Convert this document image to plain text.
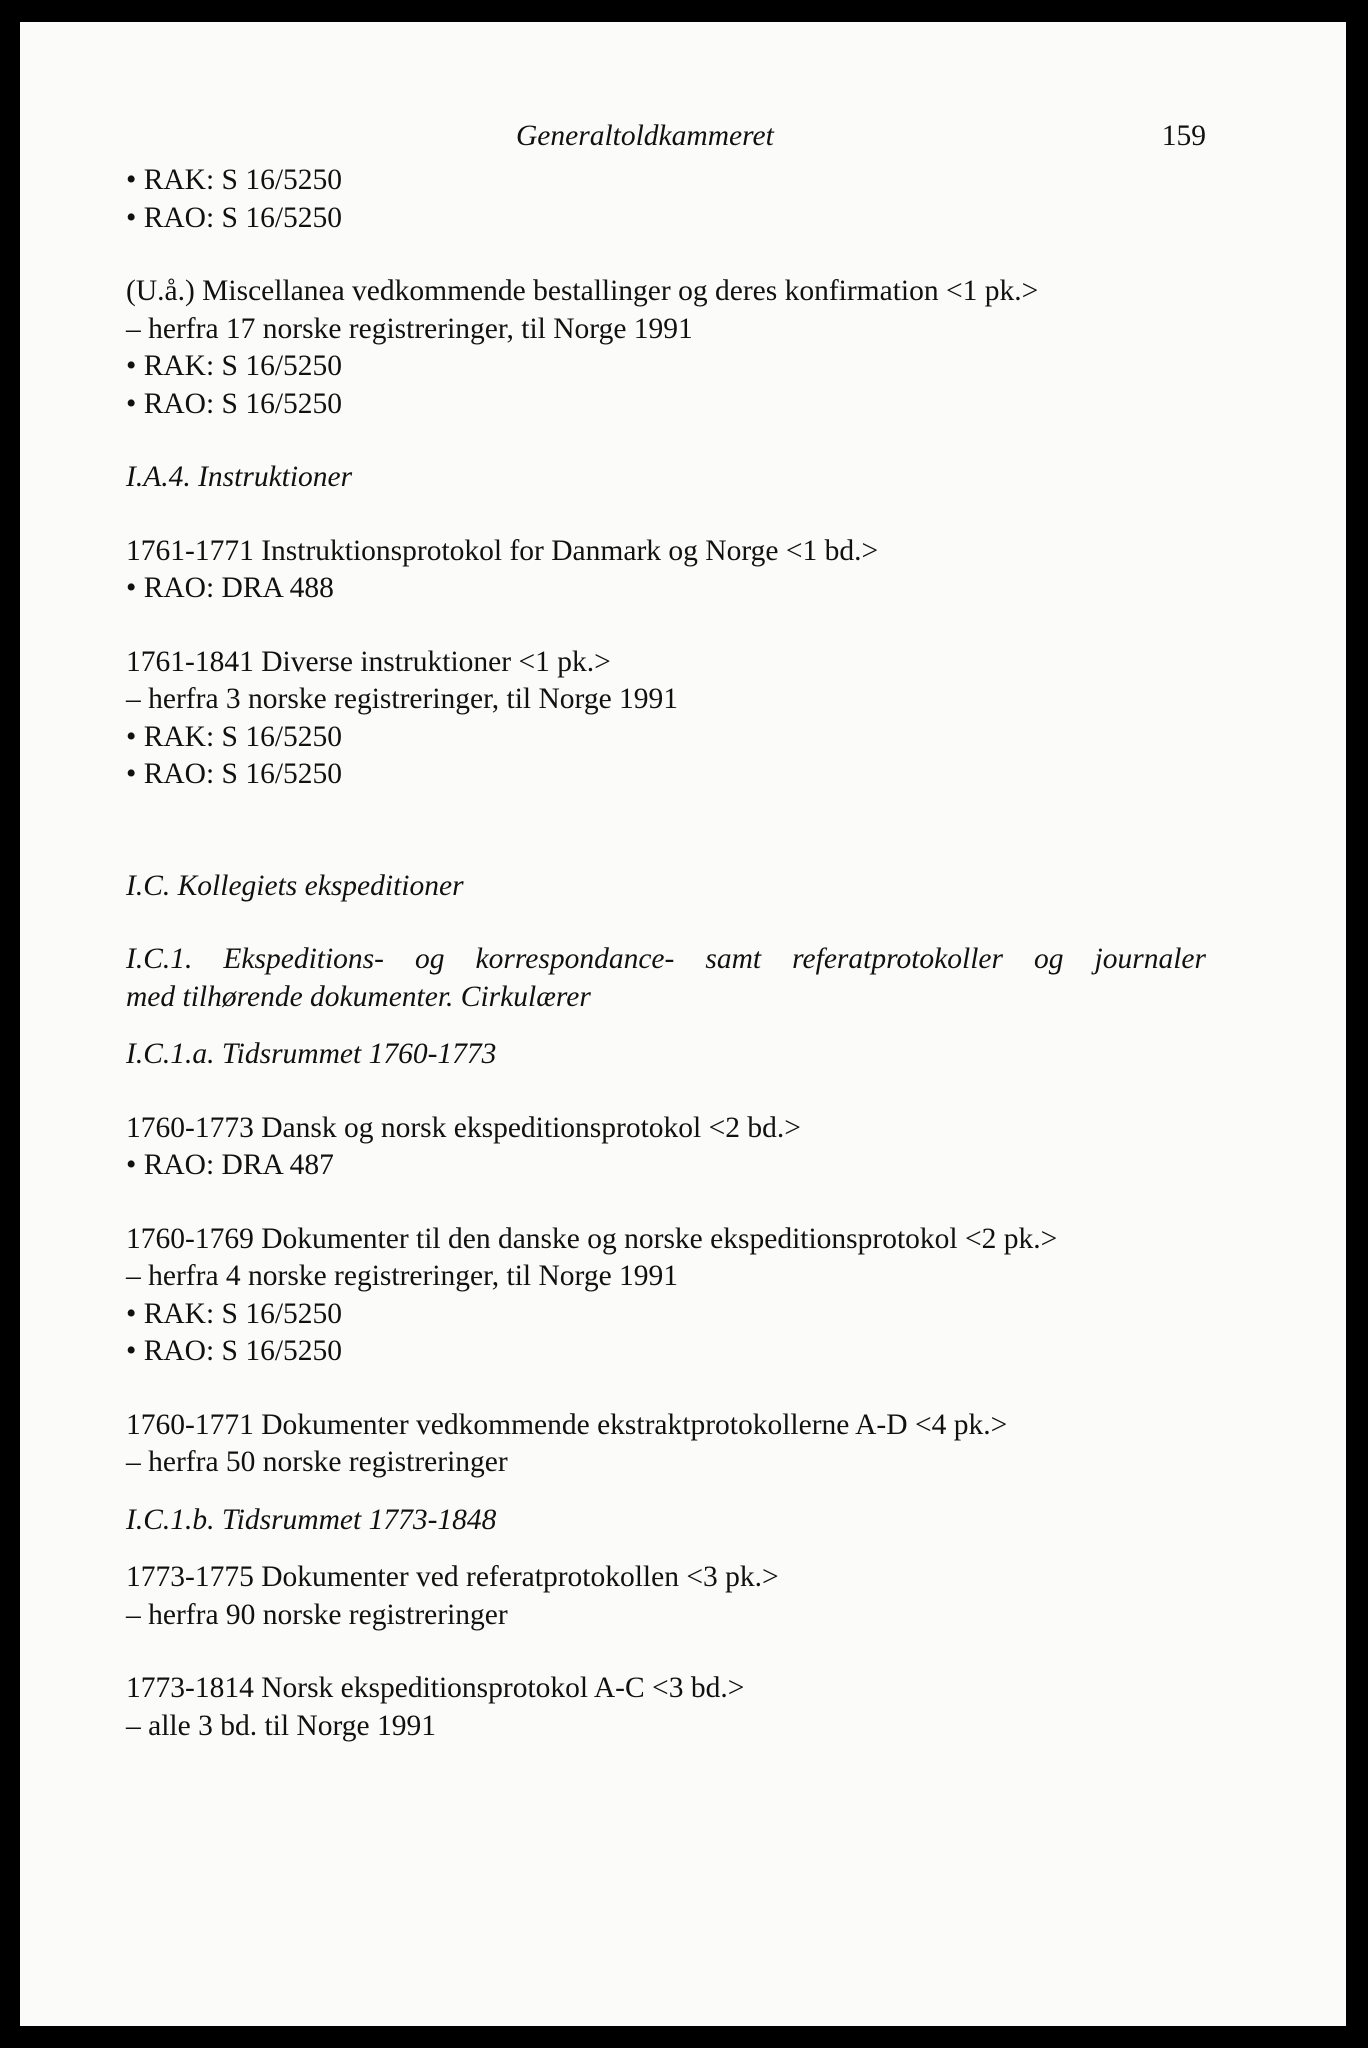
Generaltoldkammeret	159
• RAK: S 16/5250
• RAO: S 16/5250
(U.å.) Miscellanea vedkommende bestallinger og deres konfirmation <1 pk.>
– herfra 17 norske registreringer, til Norge 1991
• RAK: S 16/5250
• RAO: S 16/5250
I.A.4. Instruktioner
1761-1771 Instruktionsprotokol for Danmark og Norge <1 bd.>
• RAO: DRA 488
1761-1841 Diverse instruktioner <1 pk.>
– herfra 3 norske registreringer, til Norge 1991
• RAK: S 16/5250
• RAO: S 16/5250
I.C. Kollegiets ekspeditioner
I.C.1. Ekspeditions- og korrespondance- samt referatprotokoller og journaler
med tilhørende dokumenter. Cirkulærer
I.C.1.a. Tidsrummet 1760-1773
1760-1773 Dansk og norsk ekspeditionsprotokol <2 bd.>
• RAO: DRA 487
1760-1769 Dokumenter til den danske og norske ekspeditionsprotokol <2 pk.>
– herfra 4 norske registreringer, til Norge 1991
• RAK: S 16/5250
• RAO: S 16/5250
1760-1771 Dokumenter vedkommende ekstraktprotokollerne A-D <4 pk.>
– herfra 50 norske registreringer
I.C.1.b. Tidsrummet 1773-1848
1773-1775 Dokumenter ved referatprotokollen <3 pk.>
– herfra 90 norske registreringer
1773-1814 Norsk ekspeditionsprotokol A-C <3 bd.>
– alle 3 bd. til Norge 1991
